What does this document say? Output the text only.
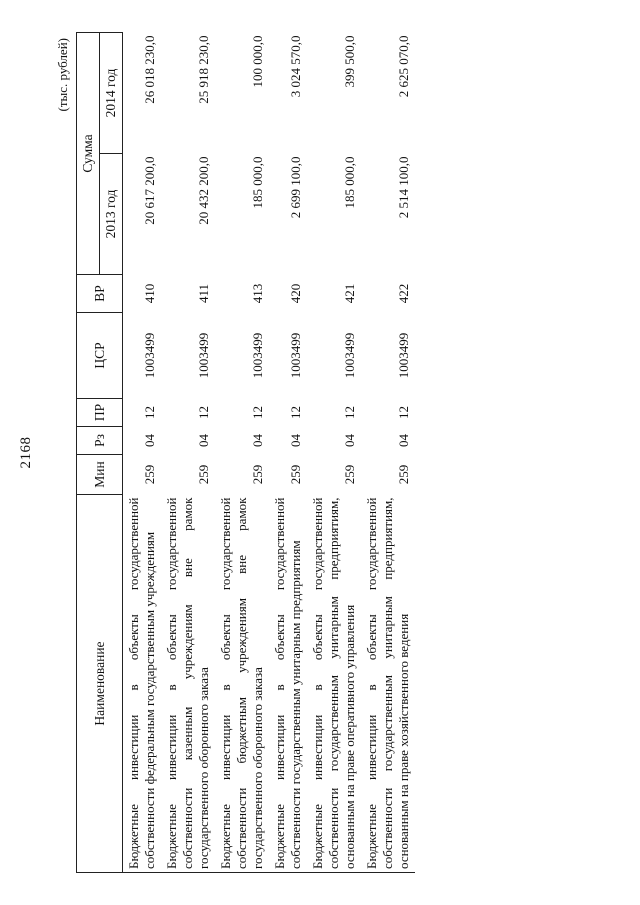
2168
(тыс. рублей)
Наименование	Мин	Рз	ПР	ЦСР	ВР	Сумма	
						2013 год	2014 год
Бюджетные инвестиции в объекты государственной собственности федеральным государственным учреждениям	259	04	12	1003499	410	20 617 200,0	26 018 230,0
Бюджетные инвестиции в объекты государственной собственности казенным учреждениям вне рамок государственного оборонного заказа	259	04	12	1003499	411	20 432 200,0	25 918 230,0
Бюджетные инвестиции в объекты государственной собственности бюджетным учреждениям вне рамок государственного оборонного заказа	259	04	12	1003499	413	185 000,0	100 000,0
Бюджетные инвестиции в объекты государственной собственности государственным унитарным предприятиям	259	04	12	1003499	420	2 699 100,0	3 024 570,0
Бюджетные инвестиции в объекты государственной собственности государственным унитарным предприятиям, основанным на праве оперативного управления	259	04	12	1003499	421	185 000,0	399 500,0
Бюджетные инвестиции в объекты государственной собственности государственным унитарным предприятиям, основанным на праве хозяйственного ведения	259	04	12	1003499	422	2 514 100,0	2 625 070,0
